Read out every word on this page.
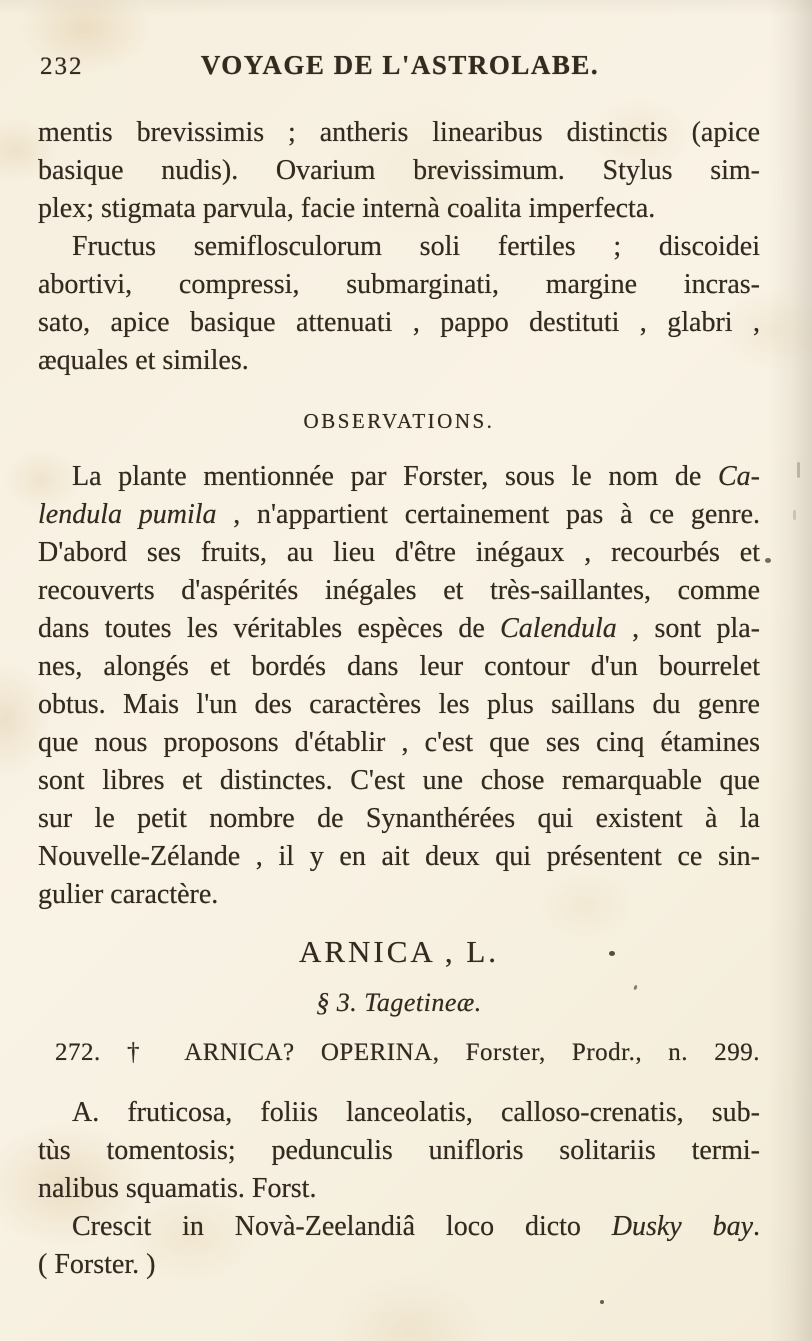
232	VOYAGE DE L'ASTROLABE.
mentis brevissimis ; antheris linearibus distinctis (apice
basique nudis). Ovarium brevissimum. Stylus sim-
plex; stigmata parvula, facie internà coalita imperfecta.
Fructus semiflosculorum soli fertiles ; discoidei
abortivi, compressi, submarginati, margine incras-
sato, apice basique attenuati , pappo destituti , glabri ,
æquales et similes.
OBSERVATIONS.
La plante mentionnée par Forster, sous le nom de Ca-
lendula pumila , n'appartient certainement pas à ce genre.
D'abord ses fruits, au lieu d'être inégaux , recourbés et
recouverts d'aspérités inégales et très-saillantes, comme
dans toutes les véritables espèces de Calendula , sont pla-
nes, alongés et bordés dans leur contour d'un bourrelet
obtus. Mais l'un des caractères les plus saillans du genre
que nous proposons d'établir , c'est que ses cinq étamines
sont libres et distinctes. C'est une chose remarquable que
sur le petit nombre de Synanthérées qui existent à la
Nouvelle-Zélande , il y en ait deux qui présentent ce sin-
gulier caractère.
ARNICA , L.
§ 3. Tagetineæ.
272. † ARNICA? OPERINA, Forster, Prodr., n. 299.
A. fruticosa, foliis lanceolatis, calloso-crenatis, sub-
tùs tomentosis; pedunculis unifloris solitariis termi-
nalibus squamatis. Forst.
Crescit in Novà-Zeelandiâ loco dicto Dusky bay.
( Forster. )
